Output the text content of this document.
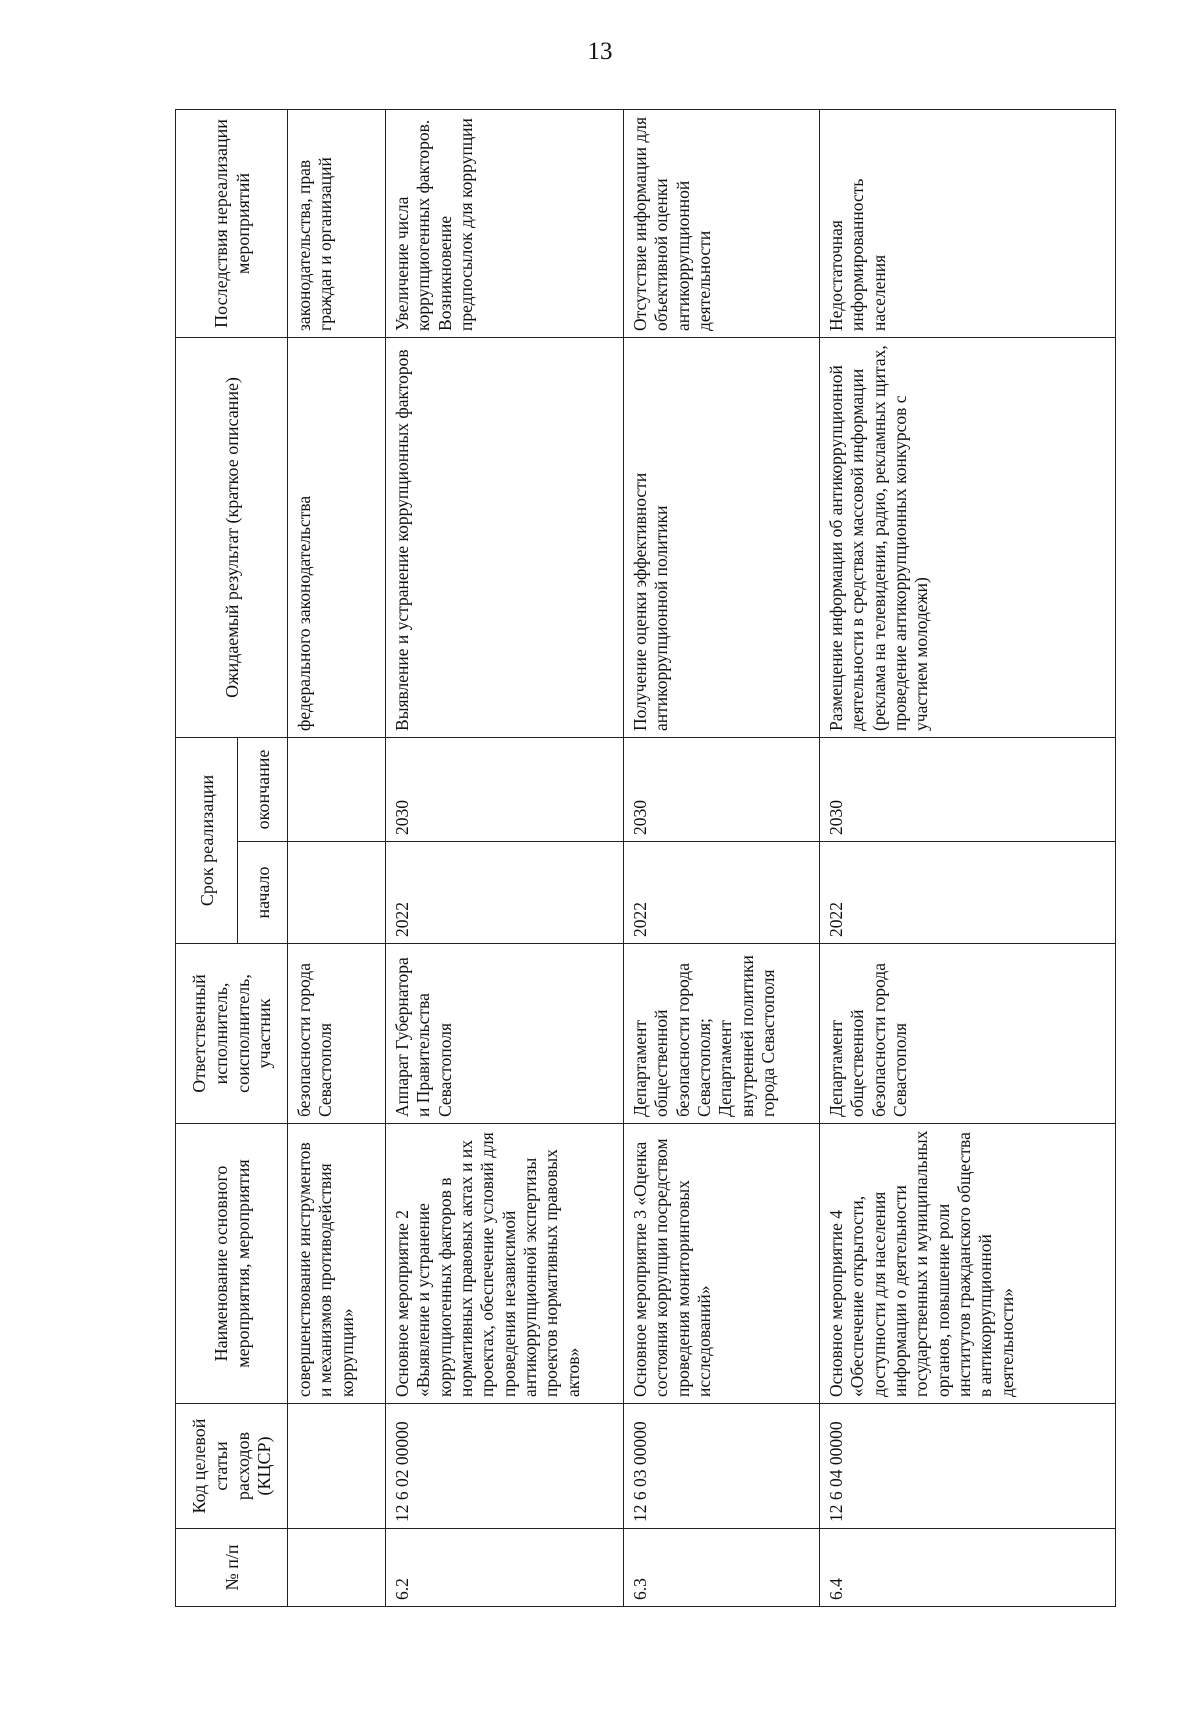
13
№ п/п	Код целевой статьи расходов (КЦСР)	Наименование основного мероприятия, мероприятия	Ответственный исполнитель, соисполнитель, участник	Срок реализации		Ожидаемый результат (краткое описание)	Последствия нереализации мероприятий
				начало	окончание		
		совершенствование инструментов и механизмов противодействия коррупции»	безопасности города Севастополя			федерального законодательства	законодательства, прав граждан и организаций
6.2	12 6 02 00000	Основное мероприятие 2 «Выявление и устранение коррупциогенных факторов в нормативных правовых актах и их проектах, обеспечение условий для проведения независимой антикоррупционной экспертизы проектов нормативных правовых актов»	Аппарат Губернатора и Правительства Севастополя	2022	2030	Выявление и устранение коррупционных факторов	Увеличение числа коррупциогенных факторов. Возникновение предпосылок для коррупции
6.3	12 6 03 00000	Основное мероприятие 3 «Оценка состояния коррупции посредством проведения мониторинговых исследований»	Департамент общественной безопасности города Севастополя; Департамент внутренней политики города Севастополя	2022	2030	Получение оценки эффективности антикоррупционной политики	Отсутствие информации для объективной оценки антикоррупционной деятельности
6.4	12 6 04 00000	Основное мероприятие 4 «Обеспечение открытости, доступности для населения информации о деятельности государственных и муниципальных органов, повышение роли институтов гражданского общества в антикоррупционной деятельности»	Департамент общественной безопасности города Севастополя	2022	2030	Размещение информации об антикоррупционной деятельности в средствах массовой информации (реклама на телевидении, радио, рекламных щитах, проведение антикоррупционных конкурсов с участием молодежи)	Недостаточная информированность населения
